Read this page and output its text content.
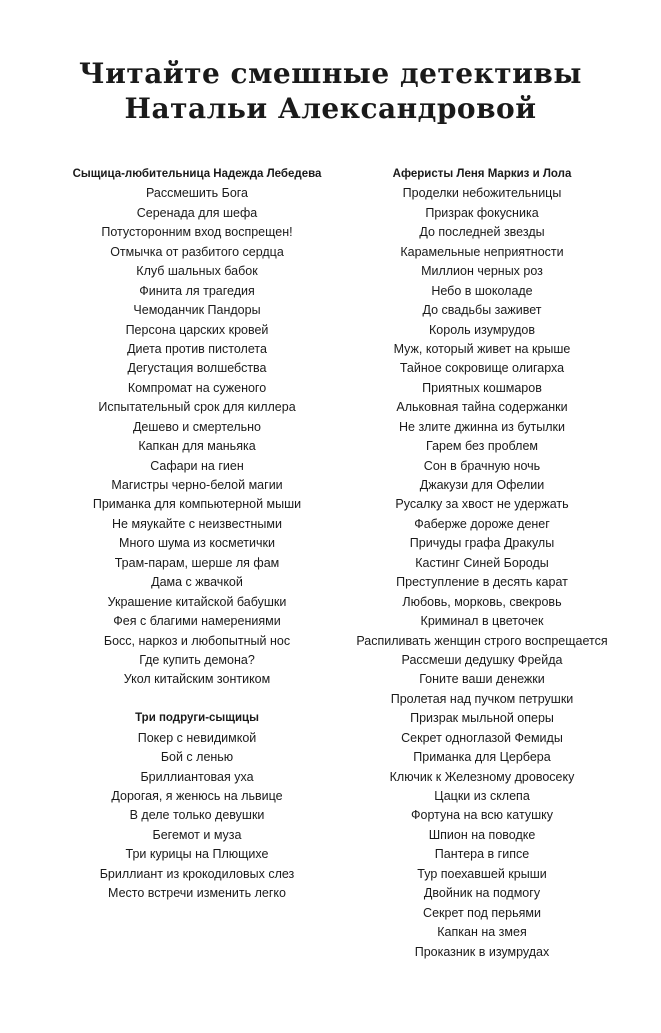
Читайте смешные детективы
Натальи Александровой
Сыщица-любительница Надежда Лебедева
Рассмешить Бога
Серенада для шефа
Потусторонним вход воспрещен!
Отмычка от разбитого сердца
Клуб шальных бабок
Финита ля трагедия
Чемоданчик Пандоры
Персона царских кровей
Диета против пистолета
Дегустация волшебства
Компромат на суженого
Испытательный срок для киллера
Дешево и смертельно
Капкан для маньяка
Сафари на гиен
Магистры черно-белой магии
Приманка для компьютерной мыши
Не мяукайте с неизвестными
Много шума из косметички
Трам-парам, шерше ля фам
Дама с жвачкой
Украшение китайской бабушки
Фея с благими намерениями
Босс, наркоз и любопытный нос
Где купить демона?
Укол китайским зонтиком
Три подруги-сыщицы
Покер с невидимкой
Бой с ленью
Бриллиантовая уха
Дорогая, я женюсь на львице
В деле только девушки
Бегемот и муза
Три курицы на Плющихе
Бриллиант из крокодиловых слез
Место встречи изменить легко
Аферисты Леня Маркиз и Лола
Проделки небожительницы
Призрак фокусника
До последней звезды
Карамельные неприятности
Миллион черных роз
Небо в шоколаде
До свадьбы заживет
Король изумрудов
Муж, который живет на крыше
Тайное сокровище олигарха
Приятных кошмаров
Альковная тайна содержанки
Не злите джинна из бутылки
Гарем без проблем
Сон в брачную ночь
Джакузи для Офелии
Русалку за хвост не удержать
Фаберже дороже денег
Причуды графа Дракулы
Кастинг Синей Бороды
Преступление в десять карат
Любовь, морковь, свекровь
Криминал в цветочек
Распиливать женщин строго воспрещается
Рассмеши дедушку Фрейда
Гоните ваши денежки
Пролетая над пучком петрушки
Призрак мыльной оперы
Секрет одноглазой Фемиды
Приманка для Цербера
Ключик к Железному дровосеку
Цацки из склепа
Фортуна на всю катушку
Шпион на поводке
Пантера в гипсе
Тур поехавшей крыши
Двойник на подмогу
Секрет под перьями
Капкан на змея
Проказник в изумрудах
